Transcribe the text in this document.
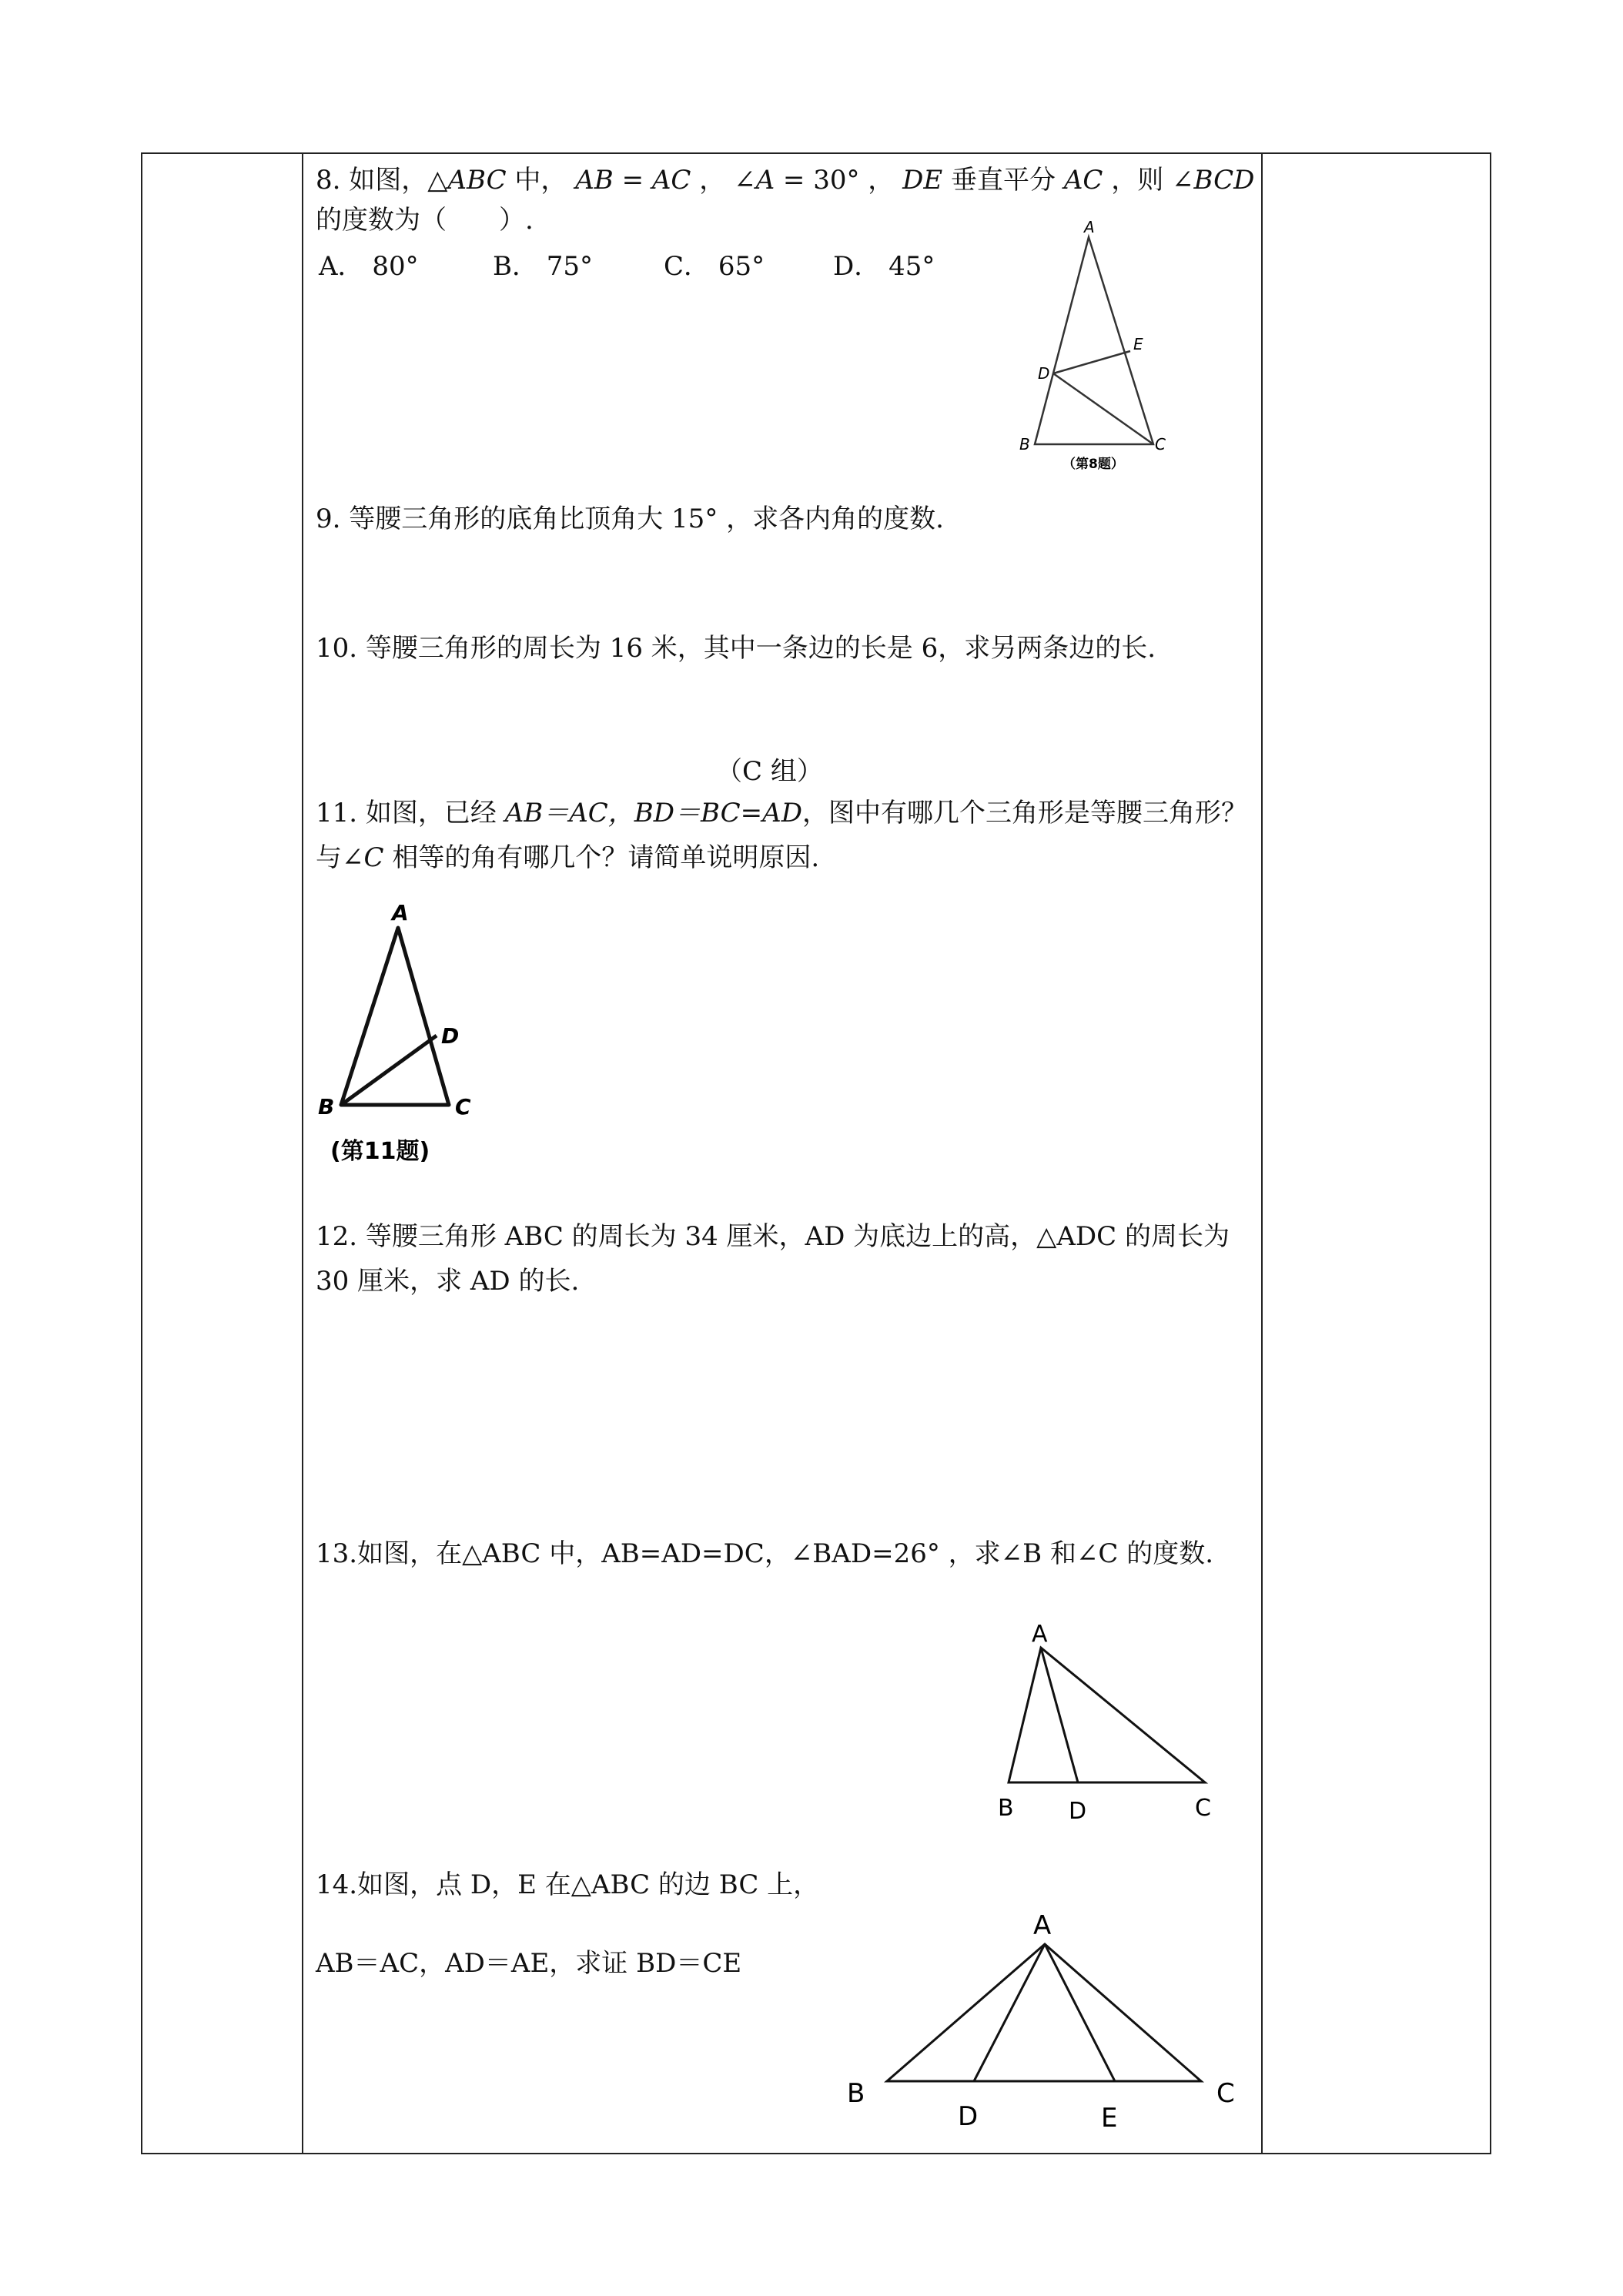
8. 如图，△ABC 中， AB = AC ， ∠A = 30° ， DE 垂直平分 AC ，则 ∠BCD
的度数为（　　）.
A． 80°	B． 75°	C． 65°	D． 45°
A
E
D
B	C
（第8题）
9. 等腰三角形的底角比顶角大 15° ，求各内角的度数.
10. 等腰三角形的周长为 16 米，其中一条边的长是 6，求另两条边的长.
（C 组）
11. 如图，已经 AB＝AC，BD＝BC=AD，图中有哪几个三角形是等腰三角形？
与∠C 相等的角有哪几个？请简单说明原因.
A
D
B	C
(第11题)
12. 等腰三角形 ABC 的周长为 34 厘米，AD 为底边上的高，△ADC 的周长为
30 厘米，求 AD 的长.
13.如图，在△ABC 中，AB=AD=DC，∠BAD=26° ，求∠B 和∠C 的度数.
A
B D	C
14.如图，点 D，E 在△ABC 的边 BC 上，
AB＝AC，AD＝AE，求证 BD＝CE
A
B
D	E
C
